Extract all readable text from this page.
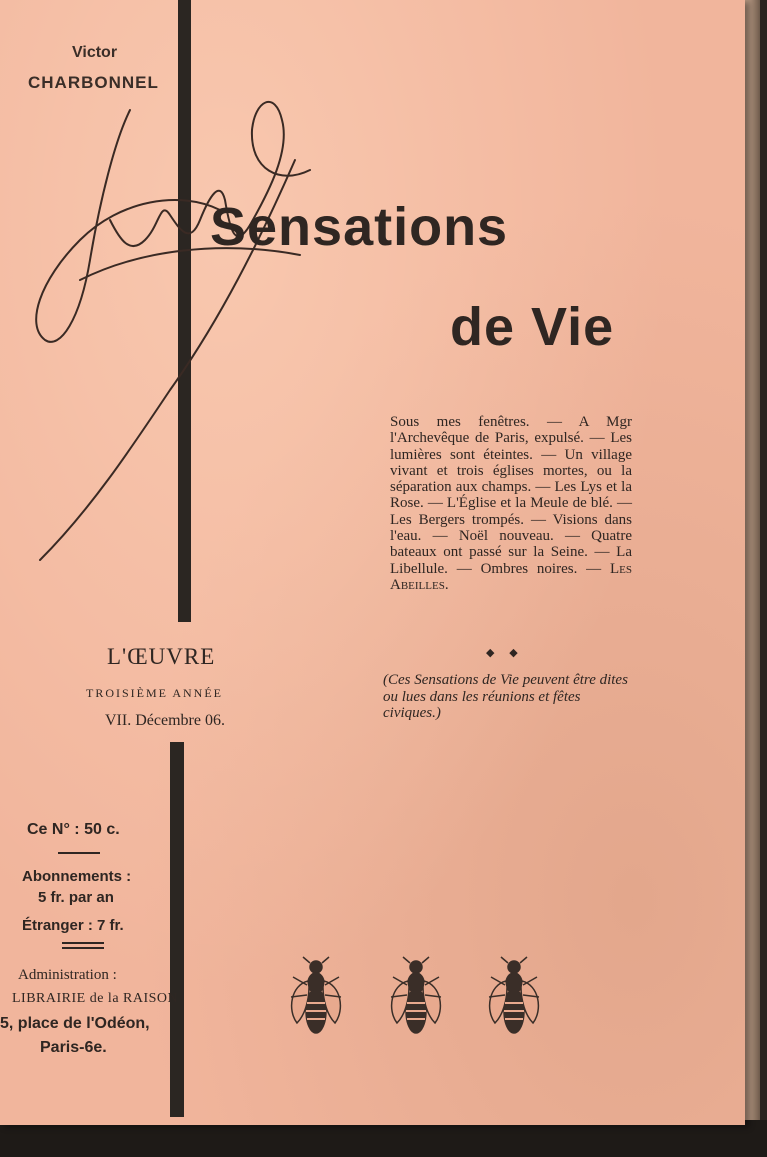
Victor
CHARBONNEL
Sensations
de Vie
Sous mes fenêtres. — A Mgr l'Archevêque de Paris, expulsé. — Les lumières sont éteintes. — Un village vivant et trois églises mortes, ou la séparation aux champs. — Les Lys et la Rose. — L'Église et la Meule de blé. — Les Bergers trompés. — Visions dans l'eau. — Noël nouveau. — Quatre bateaux ont passé sur la Seine. — La Libellule. — Ombres noires. — Les Abeilles.
◆ ◆
(Ces Sensations de Vie peuvent être dites ou lues dans les réunions et fêtes civiques.)
L'ŒUVRE
TROISIÈME ANNÉE
VII. Décembre 06.
Ce N° : 50 c.
Abonnements :
5 fr. par an
Étranger : 7 fr.
Administration :
LIBRAIRIE de la RAISON
5, place de l'Odéon,
Paris-6e.
